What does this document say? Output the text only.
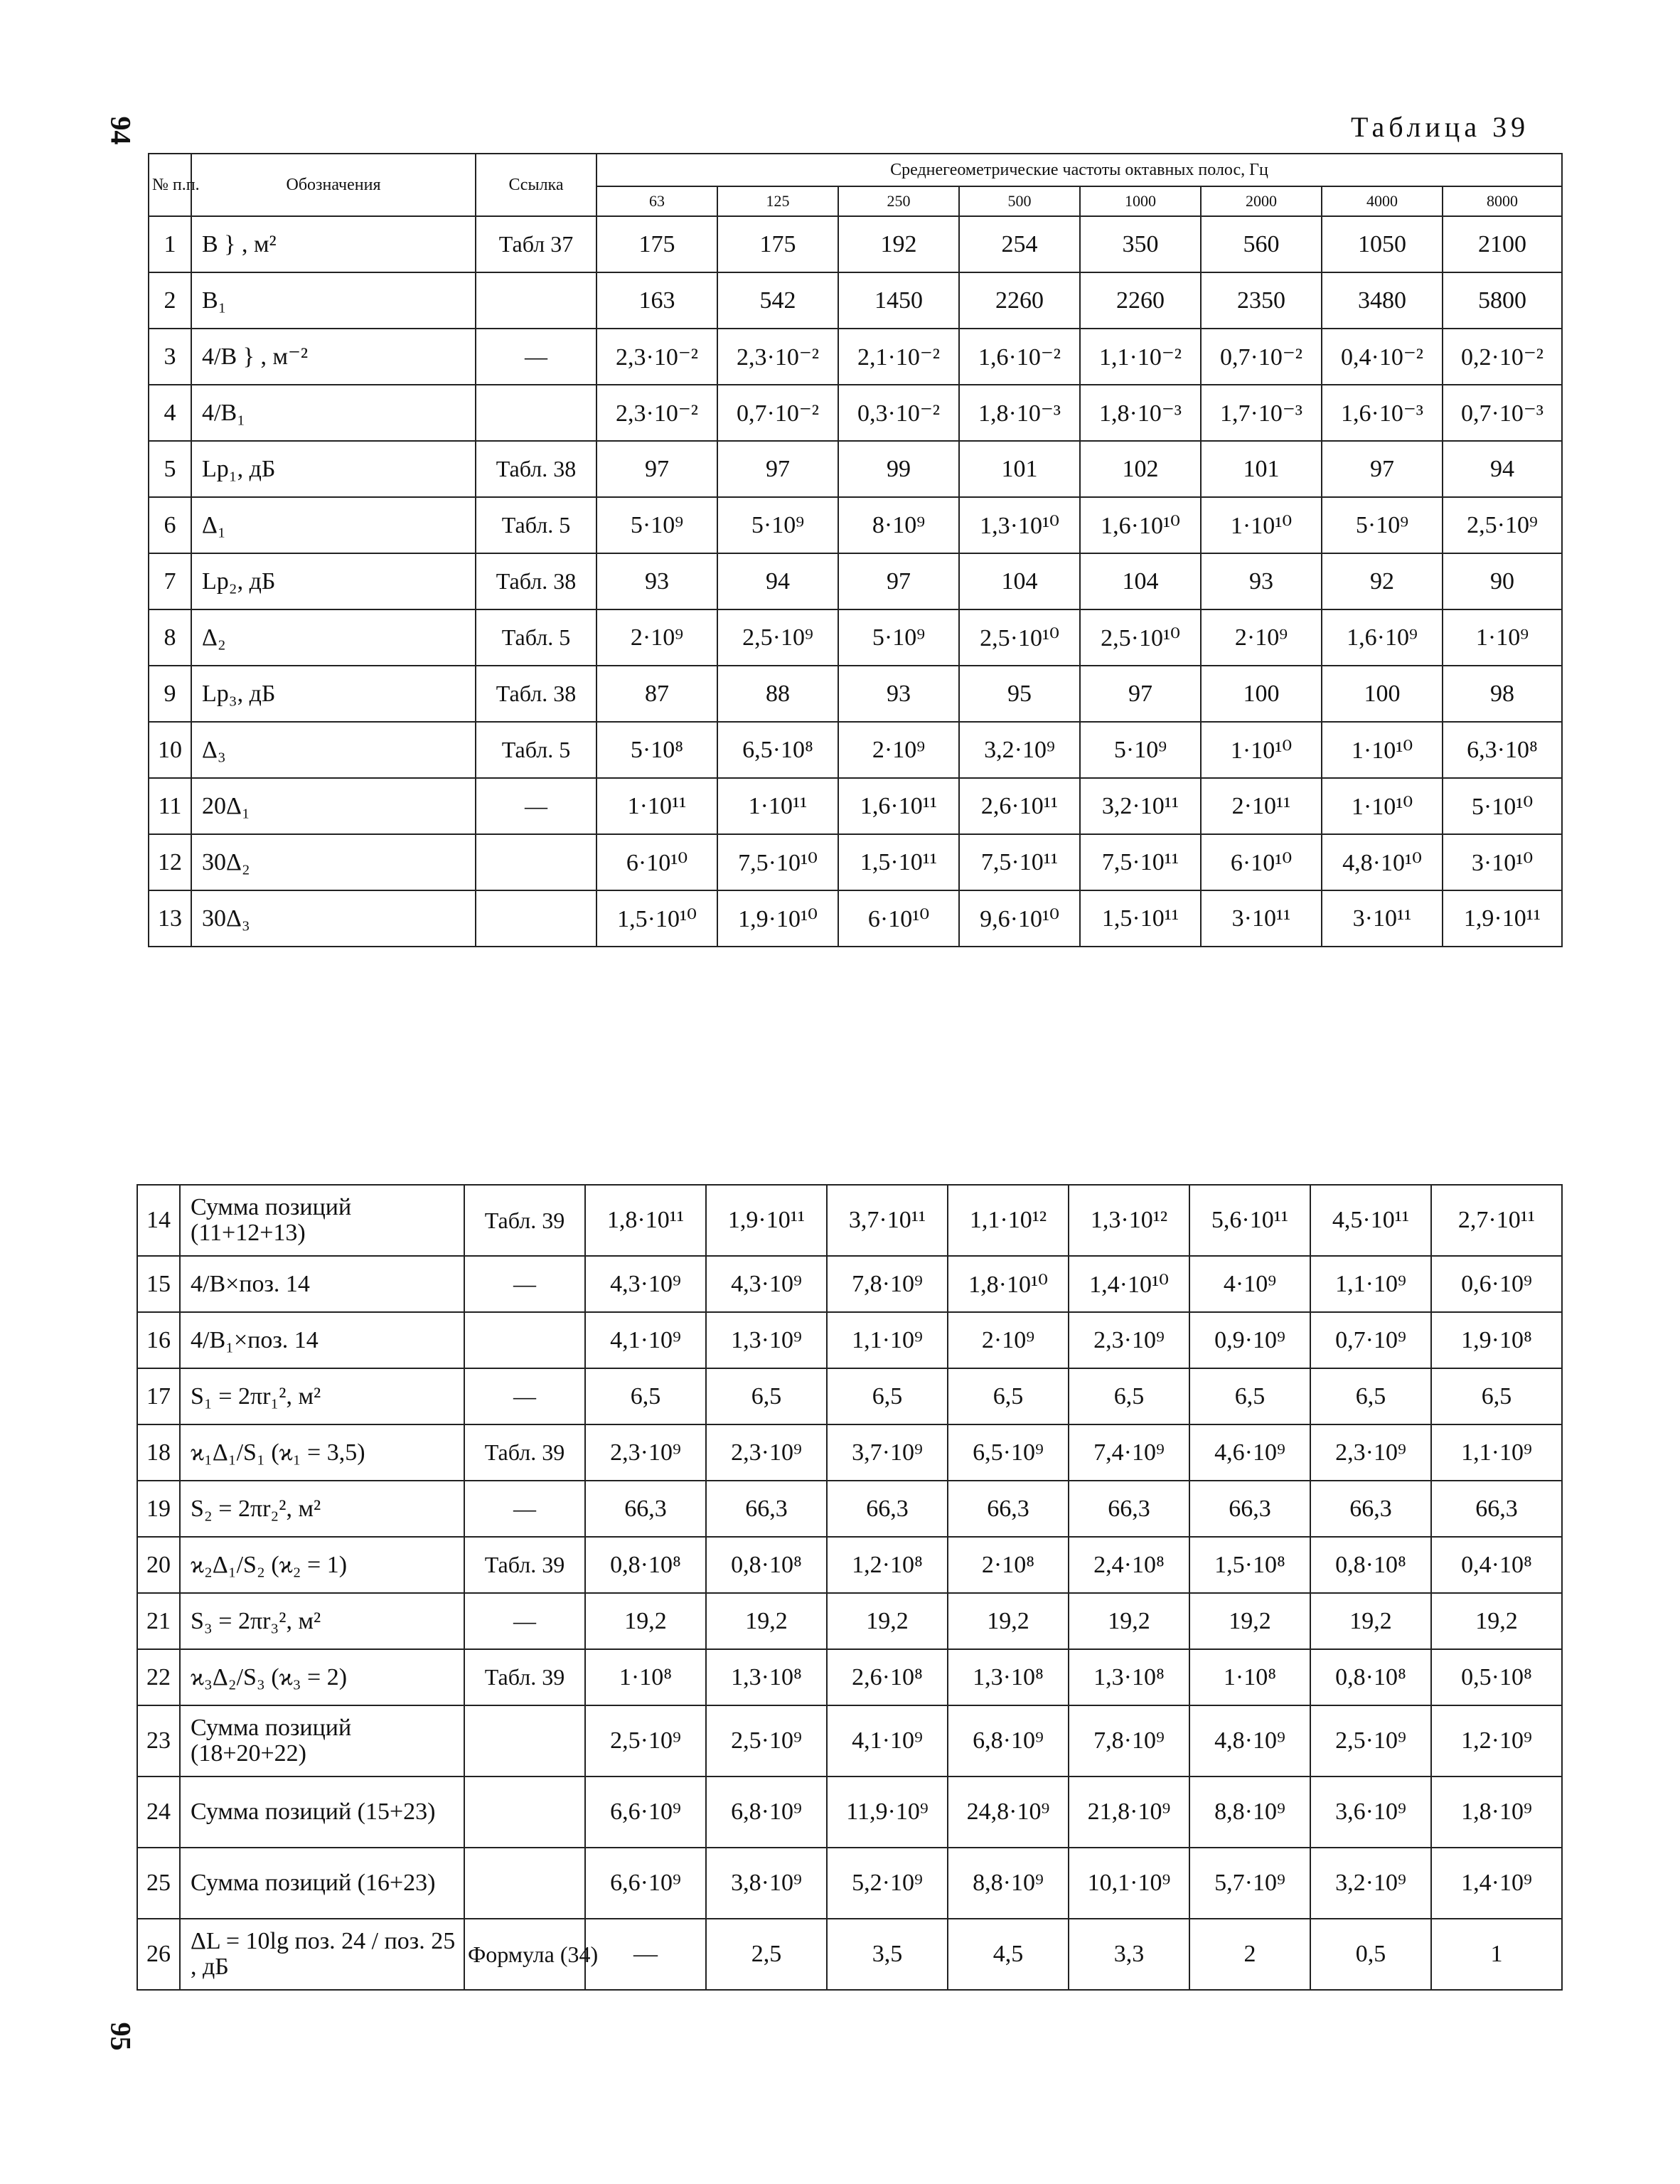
94
95
Таблица 39
№ п.п.	Обозначения	Ссылка	Среднегеометрические частоты октавных полос, Гц							
			63	125	250	500	1000	2000	4000	8000
1	B } , м²	Табл 37	175	175	192	254	350	560	1050	2100
2	B₁		163	542	1450	2260	2260	2350	3480	5800
3	4/B } , м⁻²	—	2,3·10⁻²	2,3·10⁻²	2,1·10⁻²	1,6·10⁻²	1,1·10⁻²	0,7·10⁻²	0,4·10⁻²	0,2·10⁻²
4	4/B₁		2,3·10⁻²	0,7·10⁻²	0,3·10⁻²	1,8·10⁻³	1,8·10⁻³	1,7·10⁻³	1,6·10⁻³	0,7·10⁻³
5	Lp₁, дБ	Табл. 38	97	97	99	101	102	101	97	94
6	Δ₁	Табл. 5	5·10⁹	5·10⁹	8·10⁹	1,3·10¹⁰	1,6·10¹⁰	1·10¹⁰	5·10⁹	2,5·10⁹
7	Lp₂, дБ	Табл. 38	93	94	97	104	104	93	92	90
8	Δ₂	Табл. 5	2·10⁹	2,5·10⁹	5·10⁹	2,5·10¹⁰	2,5·10¹⁰	2·10⁹	1,6·10⁹	1·10⁹
9	Lp₃, дБ	Табл. 38	87	88	93	95	97	100	100	98
10	Δ₃	Табл. 5	5·10⁸	6,5·10⁸	2·10⁹	3,2·10⁹	5·10⁹	1·10¹⁰	1·10¹⁰	6,3·10⁸
11	20Δ₁	—	1·10¹¹	1·10¹¹	1,6·10¹¹	2,6·10¹¹	3,2·10¹¹	2·10¹¹	1·10¹⁰	5·10¹⁰
12	30Δ₂		6·10¹⁰	7,5·10¹⁰	1,5·10¹¹	7,5·10¹¹	7,5·10¹¹	6·10¹⁰	4,8·10¹⁰	3·10¹⁰
13	30Δ₃		1,5·10¹⁰	1,9·10¹⁰	6·10¹⁰	9,6·10¹⁰	1,5·10¹¹	3·10¹¹	3·10¹¹	1,9·10¹¹
14	Сумма позиций (11+12+13)	Табл. 39	1,8·10¹¹	1,9·10¹¹	3,7·10¹¹	1,1·10¹²	1,3·10¹²	5,6·10¹¹	4,5·10¹¹	2,7·10¹¹
15	4/B×поз. 14	—	4,3·10⁹	4,3·10⁹	7,8·10⁹	1,8·10¹⁰	1,4·10¹⁰	4·10⁹	1,1·10⁹	0,6·10⁹
16	4/B₁×поз. 14		4,1·10⁹	1,3·10⁹	1,1·10⁹	2·10⁹	2,3·10⁹	0,9·10⁹	0,7·10⁹	1,9·10⁸
17	S₁ = 2πr₁², м²	—	6,5	6,5	6,5	6,5	6,5	6,5	6,5	6,5
18	ϰ₁Δ₁/S₁ (ϰ₁ = 3,5)	Табл. 39	2,3·10⁹	2,3·10⁹	3,7·10⁹	6,5·10⁹	7,4·10⁹	4,6·10⁹	2,3·10⁹	1,1·10⁹
19	S₂ = 2πr₂², м²	—	66,3	66,3	66,3	66,3	66,3	66,3	66,3	66,3
20	ϰ₂Δ₁/S₂ (ϰ₂ = 1)	Табл. 39	0,8·10⁸	0,8·10⁸	1,2·10⁸	2·10⁸	2,4·10⁸	1,5·10⁸	0,8·10⁸	0,4·10⁸
21	S₃ = 2πr₃², м²	—	19,2	19,2	19,2	19,2	19,2	19,2	19,2	19,2
22	ϰ₃Δ₂/S₃ (ϰ₃ = 2)	Табл. 39	1·10⁸	1,3·10⁸	2,6·10⁸	1,3·10⁸	1,3·10⁸	1·10⁸	0,8·10⁸	0,5·10⁸
23	Сумма позиций (18+20+22)		2,5·10⁹	2,5·10⁹	4,1·10⁹	6,8·10⁹	7,8·10⁹	4,8·10⁹	2,5·10⁹	1,2·10⁹
24	Сумма позиций (15+23)		6,6·10⁹	6,8·10⁹	11,9·10⁹	24,8·10⁹	21,8·10⁹	8,8·10⁹	3,6·10⁹	1,8·10⁹
25	Сумма позиций (16+23)		6,6·10⁹	3,8·10⁹	5,2·10⁹	8,8·10⁹	10,1·10⁹	5,7·10⁹	3,2·10⁹	1,4·10⁹
26	ΔL = 10lg поз. 24 / поз. 25 , дБ	Формула (34)	—	2,5	3,5	4,5	3,3	2	0,5	1
